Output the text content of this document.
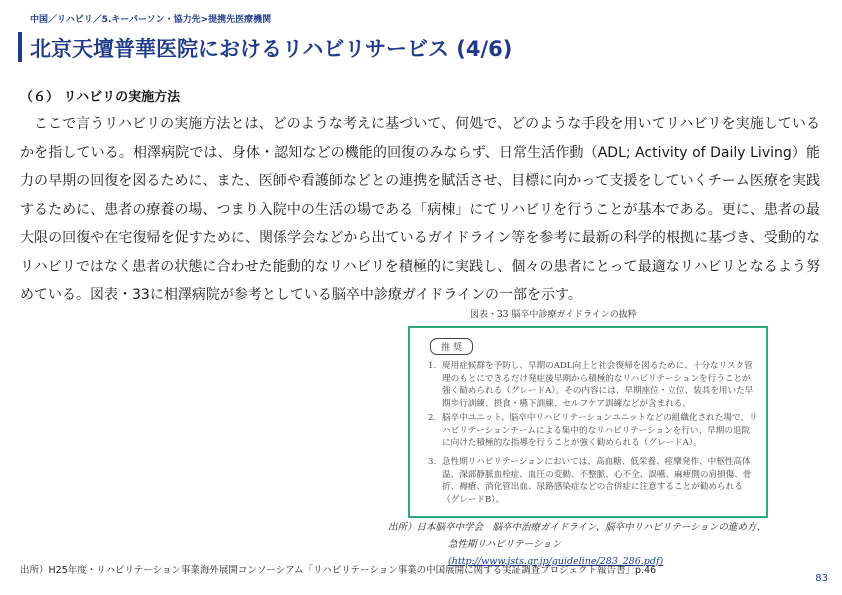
中国／リハビリ／5.キーパーソン・協力先>提携先医療機関
北京天壇普華医院におけるリハビリサービス (4/6)
（６） リハビリの実施方法
ここで言うリハビリの実施方法とは、どのような考えに基づいて、何処で、どのような手段を用いてリハビリを実施しているかを指している。相澤病院では、身体・認知などの機能的回復のみならず、日常生活作動（ADL; Activity of Daily Living）能力の早期の回復を図るために、また、医師や看護師などとの連携を賦活させ、目標に向かって支援をしていくチーム医療を実践するために、患者の療養の場、つまり入院中の生活の場である「病棟」にてリハビリを行うことが基本である。更に、患者の最大限の回復や在宅復帰を促すために、関係学会などから出ているガイドライン等を参考に最新の科学的根拠に基づき、受動的なリハビリではなく患者の状態に合わせた能動的なリハビリを積極的に実践し、個々の患者にとって最適なリハビリとなるよう努めている。図表・33に相澤病院が参考としている脳卒中診療ガイドラインの一部を示す。
図表・33 脳卒中診療ガイドラインの抜粋
推 奨
1. 廃用症候群を予防し、早期のADL向上と社会復帰を図るために、十分なリスク管理のもとにできるだけ発症後早期から積極的なリハビリテーションを行うことが強く勧められる（グレードA）。その内容には、早期座位・立位、装具を用いた早期歩行訓練、摂食・嚥下訓練、セルフケア訓練などが含まれる。
2. 脳卒中ユニット、脳卒中リハビリテーションユニットなどの組織化された場で、リハビリテーションチームによる集中的なリハビリテーションを行い、早期の退院に向けた積極的な指導を行うことが強く勧められる（グレードA）。
3. 急性期リハビリテーションにおいては、高血糖、低栄養、痙攣発作、中枢性高体温、深部静脈血栓症、血圧の変動、不整脈、心不全、誤嚥、麻痺側の肩損傷、骨折、褥瘡、消化管出血、尿路感染症などの合併症に注意することが勧められる（グレードB）。
出所）日本脳卒中学会　脳卒中治療ガイドライン、脳卒中リハビリテーションの進め方、
急性期リハビリテーション (http://www.jsts.gr.jp/guideline/283_286.pdf)
出所）H25年度・リハビリテーション事業海外展開コンソーシアム「リハビリテーション事業の中国展開に関する実証調査プロジェクト報告書」p.46
83
